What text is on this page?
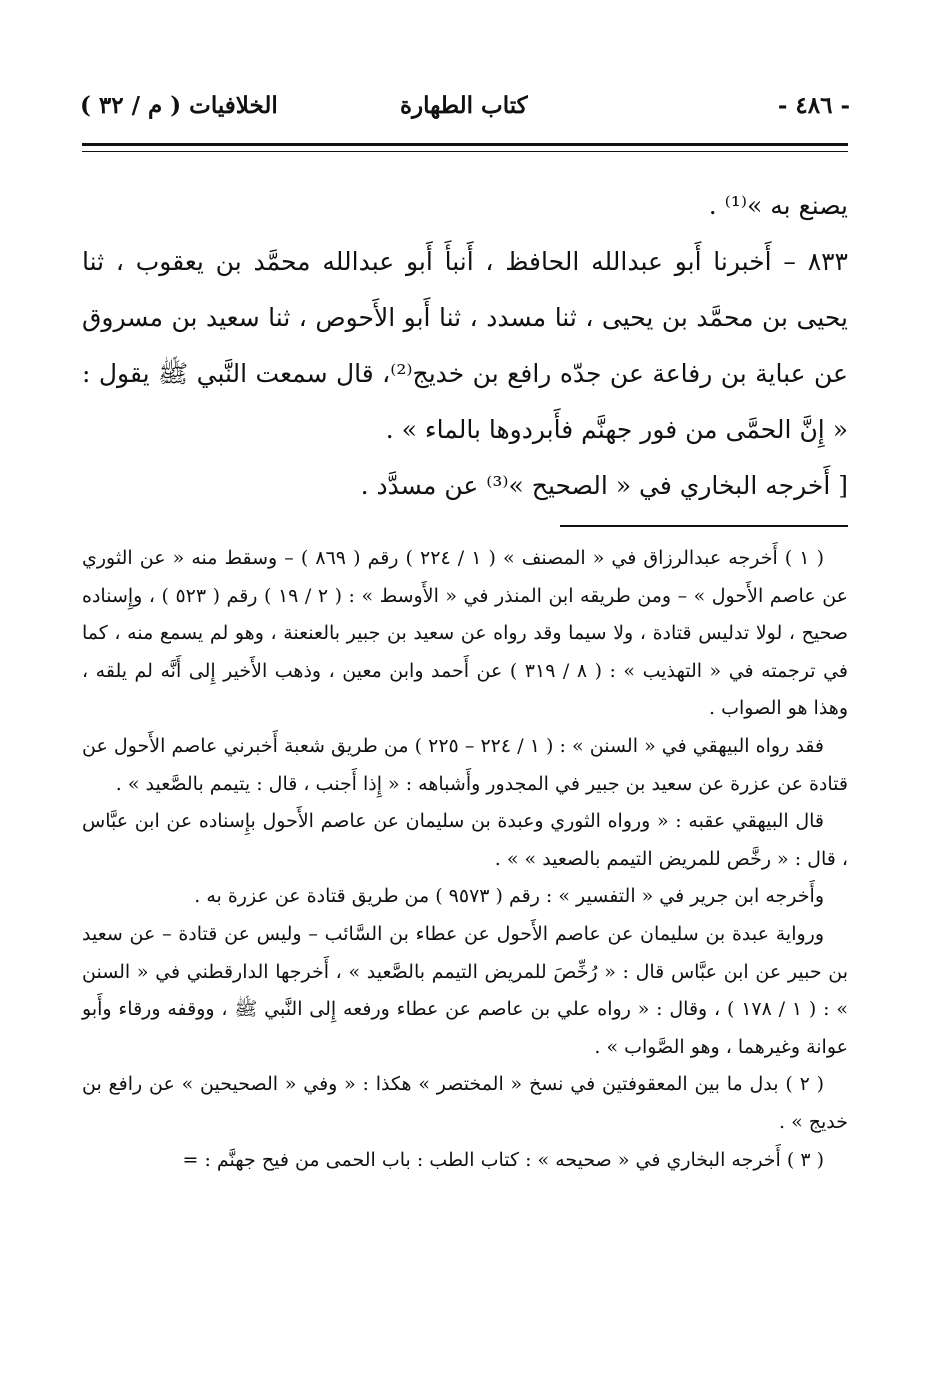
- ٤٨٦ -
كتاب الطهارة
الخلافيات ( م / ٣٢ )

يصنع به »⁽¹⁾ .

٨٣٣ – أَخبرنا أَبو عبدالله الحافظ ، أَنبأَ أَبو عبدالله محمَّد بن يعقوب ، ثنا يحيى بن محمَّد بن يحيى ، ثنا مسدد ، ثنا أَبو الأَحوص ، ثنا سعيد بن مسروق عن عباية بن رفاعة عن جدّه رافع بن خديج⁽²⁾، قال سمعت النَّبي ﷺ يقول : « إِنَّ الحمَّى من فور جهنَّم فأَبردوها بالماء » .

[ أَخرجه البخاري في « الصحيح »⁽³⁾ عن مسدَّد .

( ١ ) أَخرجه عبدالرزاق في « المصنف » ( ١ / ٢٢٤ ) رقم ( ٨٦٩ ) – وسقط منه « عن الثوري عن عاصم الأَحول » – ومن طريقه ابن المنذر في « الأَوسط » : ( ٢ / ١٩ ) رقم ( ٥٢٣ ) ، وإِسناده صحيح ، لولا تدليس قتادة ، ولا سيما وقد رواه عن سعيد بن جبير بالعنعنة ، وهو لم يسمع منه ، كما في ترجمته في « التهذيب » : ( ٨ / ٣١٩ ) عن أَحمد وابن معين ، وذهب الأَخير إِلى أَنَّه لم يلقه ، وهذا هو الصواب .

فقد رواه البيهقي في « السنن » : ( ١ / ٢٢٤ – ٢٢٥ ) من طريق شعبة أَخبرني عاصم الأَحول عن قتادة عن عزرة عن سعيد بن جبير في المجدور وأَشباهه : « إِذا أَجنب ، قال : يتيمم بالصَّعيد » .

قال البيهقي عقبه : « ورواه الثوري وعبدة بن سليمان عن عاصم الأَحول بإِسناده عن ابن عبَّاس ، قال : « رخَّص للمريض التيمم بالصعيد » » .

وأَخرجه ابن جرير في « التفسير » : رقم ( ٩٥٧٣ ) من طريق قتادة عن عزرة به .

ورواية عبدة بن سليمان عن عاصم الأَحول عن عطاء بن السَّائب – وليس عن قتادة – عن سعيد بن حبير عن ابن عبَّاس قال : « رُخِّصَ للمريض التيمم بالصَّعيد » ، أَخرجها الدارقطني في « السنن » : ( ١ / ١٧٨ ) ، وقال : « رواه علي بن عاصم عن عطاء ورفعه إِلى النَّبي ﷺ ، ووقفه ورقاء وأَبو عوانة وغيرهما ، وهو الصَّواب » .

( ٢ ) بدل ما بين المعقوفتين في نسخ « المختصر » هكذا : « وفي « الصحيحين » عن رافع بن خديج » .

( ٣ ) أَخرجه البخاري في « صحيحه » : كتاب الطب : باب الحمى من فيح جهنَّم : =
